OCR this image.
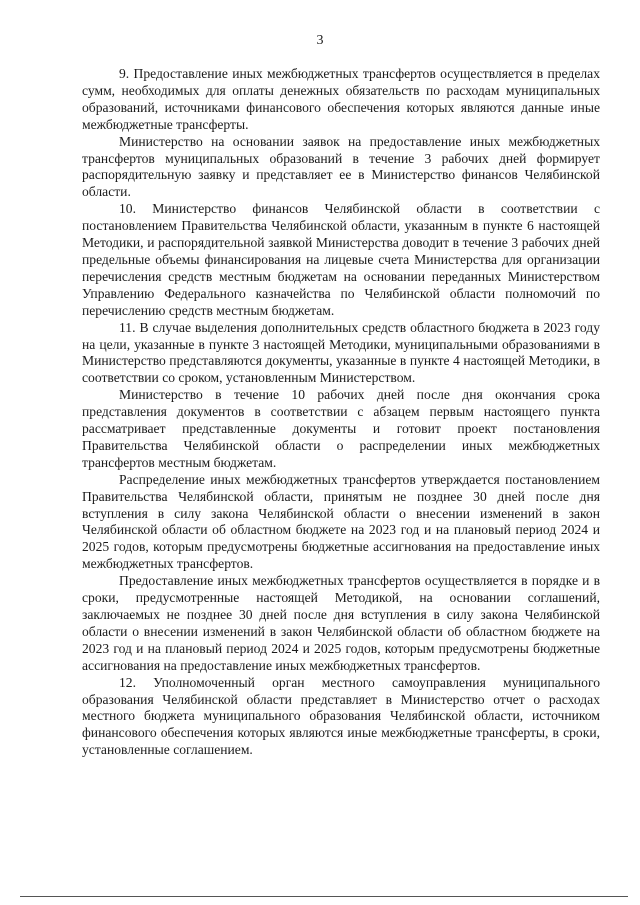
3

9. Предоставление иных межбюджетных трансфертов осуществляется в пределах сумм, необходимых для оплаты денежных обязательств по расходам муниципальных образований, источниками финансового обеспечения которых являются данные иные межбюджетные трансферты.

Министерство на основании заявок на предоставление иных межбюджетных трансфертов муниципальных образований в течение 3 рабочих дней формирует распорядительную заявку и представляет ее в Министерство финансов Челябинской области.

10. Министерство финансов Челябинской области в соответствии с постановлением Правительства Челябинской области, указанным в пункте 6 настоящей Методики, и распорядительной заявкой Министерства доводит в течение 3 рабочих дней предельные объемы финансирования на лицевые счета Министерства для организации перечисления средств местным бюджетам на основании переданных Министерством Управлению Федерального казначейства по Челябинской области полномочий по перечислению средств местным бюджетам.

11. В случае выделения дополнительных средств областного бюджета в 2023 году на цели, указанные в пункте 3 настоящей Методики, муниципальными образованиями в Министерство представляются документы, указанные в пункте 4 настоящей Методики, в соответствии со сроком, установленным Министерством.

Министерство в течение 10 рабочих дней после дня окончания срока представления документов в соответствии с абзацем первым настоящего пункта рассматривает представленные документы и готовит проект постановления Правительства Челябинской области о распределении иных межбюджетных трансфертов местным бюджетам.

Распределение иных межбюджетных трансфертов утверждается постановлением Правительства Челябинской области, принятым не позднее 30 дней после дня вступления в силу закона Челябинской области о внесении изменений в закон Челябинской области об областном бюджете на 2023 год и на плановый период 2024 и 2025 годов, которым предусмотрены бюджетные ассигнования на предоставление иных межбюджетных трансфертов.

Предоставление иных межбюджетных трансфертов осуществляется в порядке и в сроки, предусмотренные настоящей Методикой, на основании соглашений, заключаемых не позднее 30 дней после дня вступления в силу закона Челябинской области о внесении изменений в закон Челябинской области об областном бюджете на 2023 год и на плановый период 2024 и 2025 годов, которым предусмотрены бюджетные ассигнования на предоставление иных межбюджетных трансфертов.

12. Уполномоченный орган местного самоуправления муниципального образования Челябинской области представляет в Министерство отчет о расходах местного бюджета муниципального образования Челябинской области, источником финансового обеспечения которых являются иные межбюджетные трансферты, в сроки, установленные соглашением.
